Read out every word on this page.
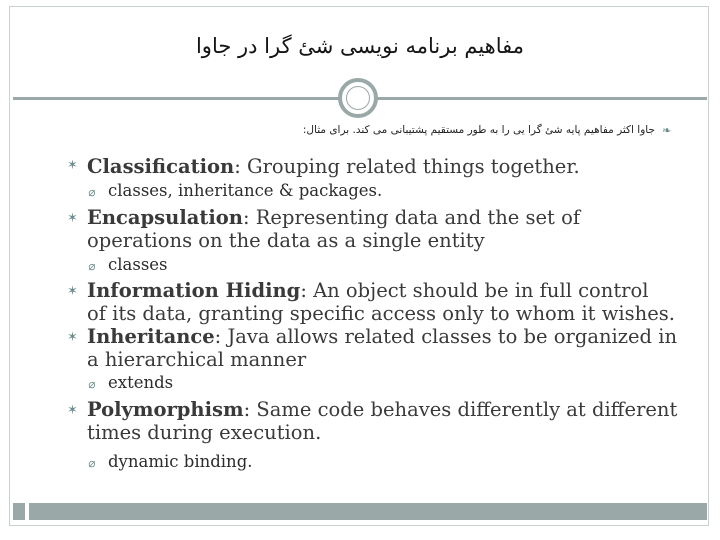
مفاهیم برنامه نویسی شئ گرا در جاوا
❧
جاوا اکثر مفاهیم پایه شئ گرا یی را به طور مستقیم پشتیبانی می کند. برای مثال:
✶ Classification: Grouping related things together.
⌀ classes, inheritance & packages.
✶ Encapsulation: Representing data and the set of
operations on the data as a single entity
⌀ classes
✶ Information Hiding: An object should be in full control
of its data, granting specific access only to whom it wishes.
✶ Inheritance: Java allows related classes to be organized in
a hierarchical manner
⌀ extends
✶ Polymorphism: Same code behaves differently at different
times during execution.
⌀ dynamic binding.
